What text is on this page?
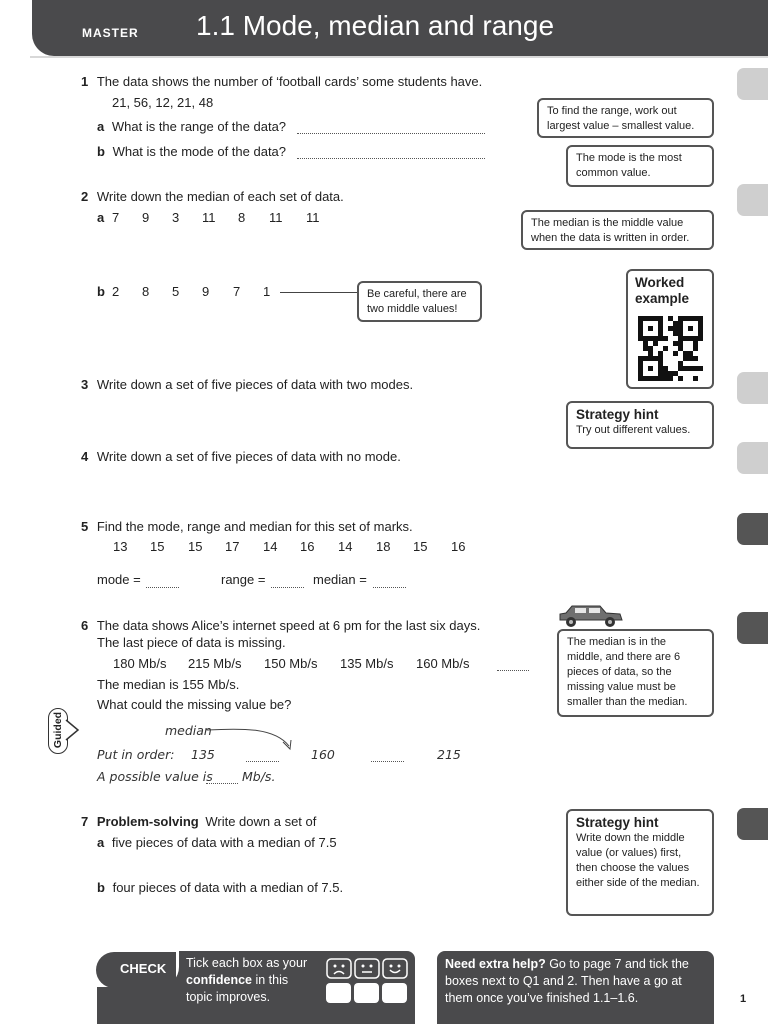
MASTER 1.1 Mode, median and range
1 The data shows the number of ‘football cards’ some students have.
21, 56, 12, 21, 48
a What is the range of the data?
b What is the mode of the data?
To find the range, work out largest value – smallest value.
The mode is the most common value.
2 Write down the median of each set of data.
a 7 9 3 11 8 11 11	The median is the middle value when the data is written in order.
b 2 8 5 9 7 1	Be careful, there are two middle values!
Worked example
3 Write down a set of five pieces of data with two modes.
Strategy hint
Try out different values.
4 Write down a set of five pieces of data with no mode.
5 Find the mode, range and median for this set of marks.
13 15 15 17 14 16 14 18 15 16
mode =	range =	median =
6 The data shows Alice’s internet speed at 6 pm for the last six days.
The last piece of data is missing.
180 Mb/s 215 Mb/s 150 Mb/s 135 Mb/s 160 Mb/s
The median is 155 Mb/s.
What could the missing value be?
Guided	median
Put in order: 135	160	215
A possible value is Mb/s.
The median is in the middle, and there are 6 pieces of data, so the missing value must be smaller than the median.
7 Problem-solving Write down a set of
a five pieces of data with a median of 7.5
b four pieces of data with a median of 7.5.
Strategy hint
Write down the middle value (or values) first, then choose the values either side of the median.
CHECK	Tick each box as your
confidence in this
topic improves.
Need extra help? Go to page 7 and tick the boxes next to Q1 and 2. Then have a go at them once you’ve finished 1.1–1.6.	1
